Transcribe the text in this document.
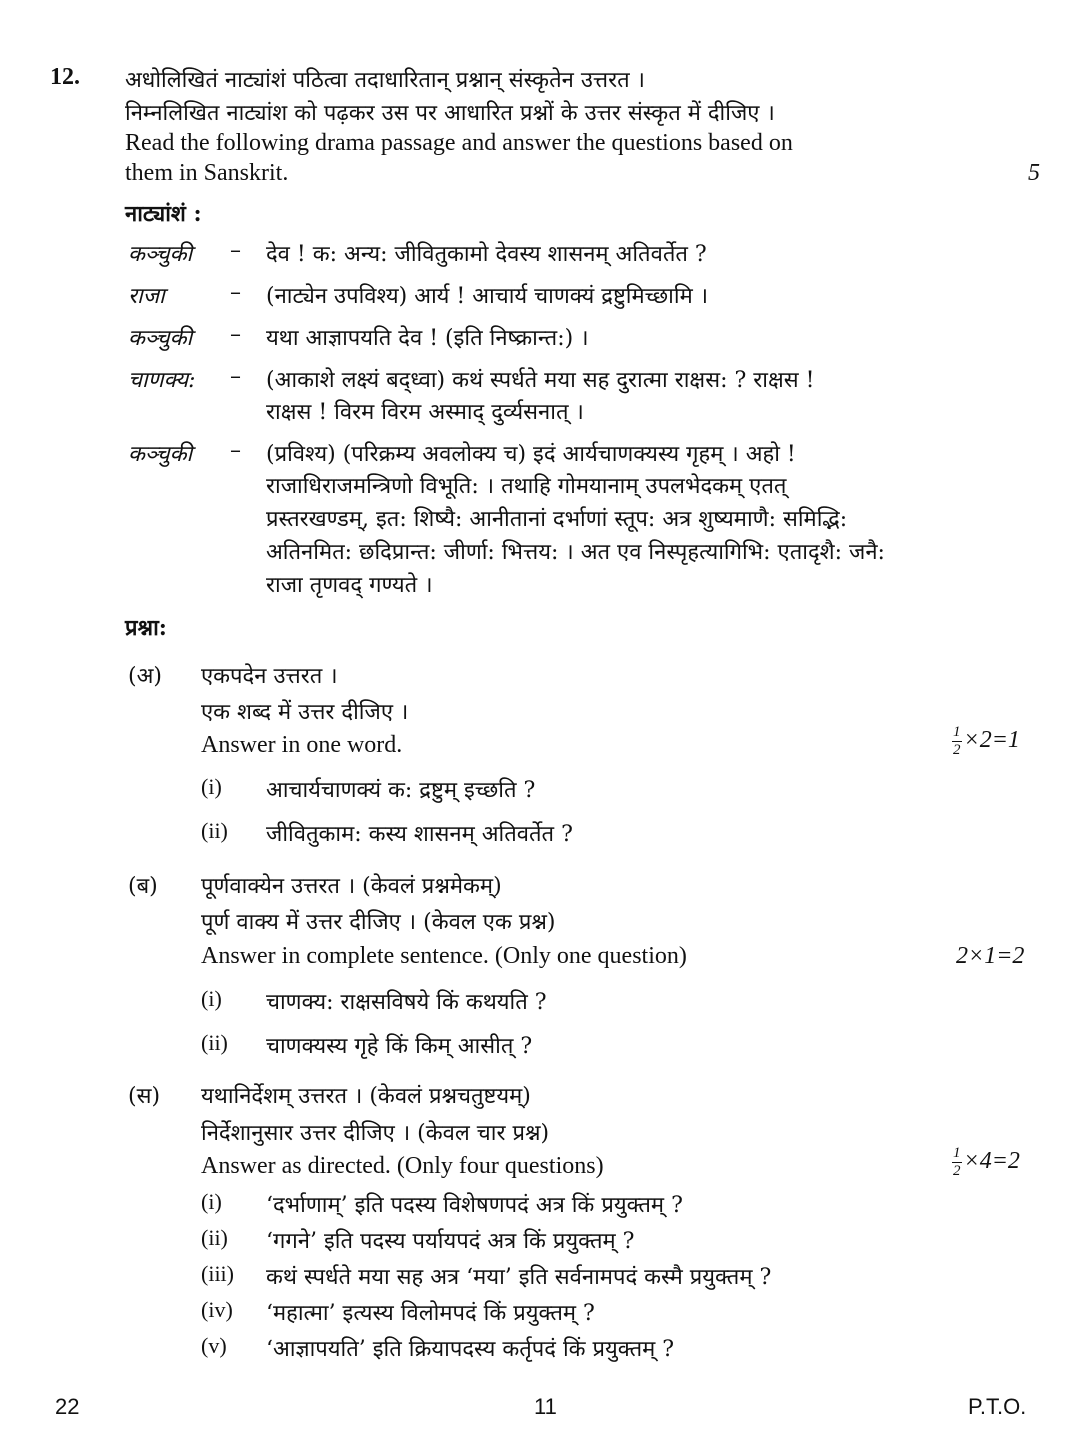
12. अधोलिखितं नाट्यांशं पठित्वा तदाधारितान् प्रश्नान् संस्कृतेन उत्तरत ।
निम्नलिखित नाट्यांश को पढ़कर उस पर आधारित प्रश्नों के उत्तर संस्कृत में दीजिए ।
Read the following drama passage and answer the questions based on
them in Sanskrit.	5
नाट्यांशं :
कञ्चुकी – देव ! क: अन्य: जीवितुकामो देवस्य शासनम् अतिवर्तेत ?
राजा	– (नाट्येन उपविश्य) आर्य ! आचार्य चाणक्यं द्रष्टुमिच्छामि ।
कञ्चुकी – यथा आज्ञापयति देव ! (इति निष्क्रान्त:) ।
चाणक्य: – (आकाशे लक्ष्यं बद्ध्वा) कथं स्पर्धते मया सह दुरात्मा राक्षस: ? राक्षस !
राक्षस ! विरम विरम अस्माद् दुर्व्यसनात् ।
कञ्चुकी – (प्रविश्य) (परिक्रम्य अवलोक्य च) इदं आर्यचाणक्यस्य गृहम् । अहो !
राजाधिराजमन्त्रिणो विभूति: । तथाहि गोमयानाम् उपलभेदकम् एतत्
प्रस्तरखण्डम्, इत: शिष्यै: आनीतानां दर्भाणां स्तूप: अत्र शुष्यमाणै: समिद्भि:
अतिनमित: छदिप्रान्त: जीर्णा: भित्तय: । अत एव निस्पृहत्यागिभि: एतादृशै: जनै:
राजा तृणवद् गण्यते ।
प्रश्ना:
(अ) एकपदेन उत्तरत ।
एक शब्द में उत्तर दीजिए ।
Answer in one word.	$\frac{1}{2} \times 2=1$
(i) आचार्यचाणक्यं क: द्रष्टुम् इच्छति ?
(ii) जीवितुकाम: कस्य शासनम् अतिवर्तेत ?
(ब) पूर्णवाक्येन उत्तरत । (केवलं प्रश्नमेकम्)
पूर्ण वाक्य में उत्तर दीजिए । (केवल एक प्रश्न)
Answer in complete sentence. (Only one question)	2×1=2
(i) चाणक्य: राक्षसविषये किं कथयति ?
(ii) चाणक्यस्य गृहे किं किम् आसीत् ?
(स) यथानिर्देशम् उत्तरत । (केवलं प्रश्नचतुष्टयम्)
निर्देशानुसार उत्तर दीजिए । (केवल चार प्रश्न)
Answer as directed. (Only four questions)	$\frac{1}{2} \times 4=2$
(i) ‘दर्भाणाम्’ इति पदस्य विशेषणपदं अत्र किं प्रयुक्तम् ?
(ii) ‘गगने’ इति पदस्य पर्यायपदं अत्र किं प्रयुक्तम् ?
(iii) कथं स्पर्धते मया सह अत्र ‘मया’ इति सर्वनामपदं कस्मै प्रयुक्तम् ?
(iv) ‘महात्मा’ इत्यस्य विलोमपदं किं प्रयुक्तम् ?
(v) ‘आज्ञापयति’ इति क्रियापदस्य कर्तृपदं किं प्रयुक्तम् ?
22	11	P.T.O.
